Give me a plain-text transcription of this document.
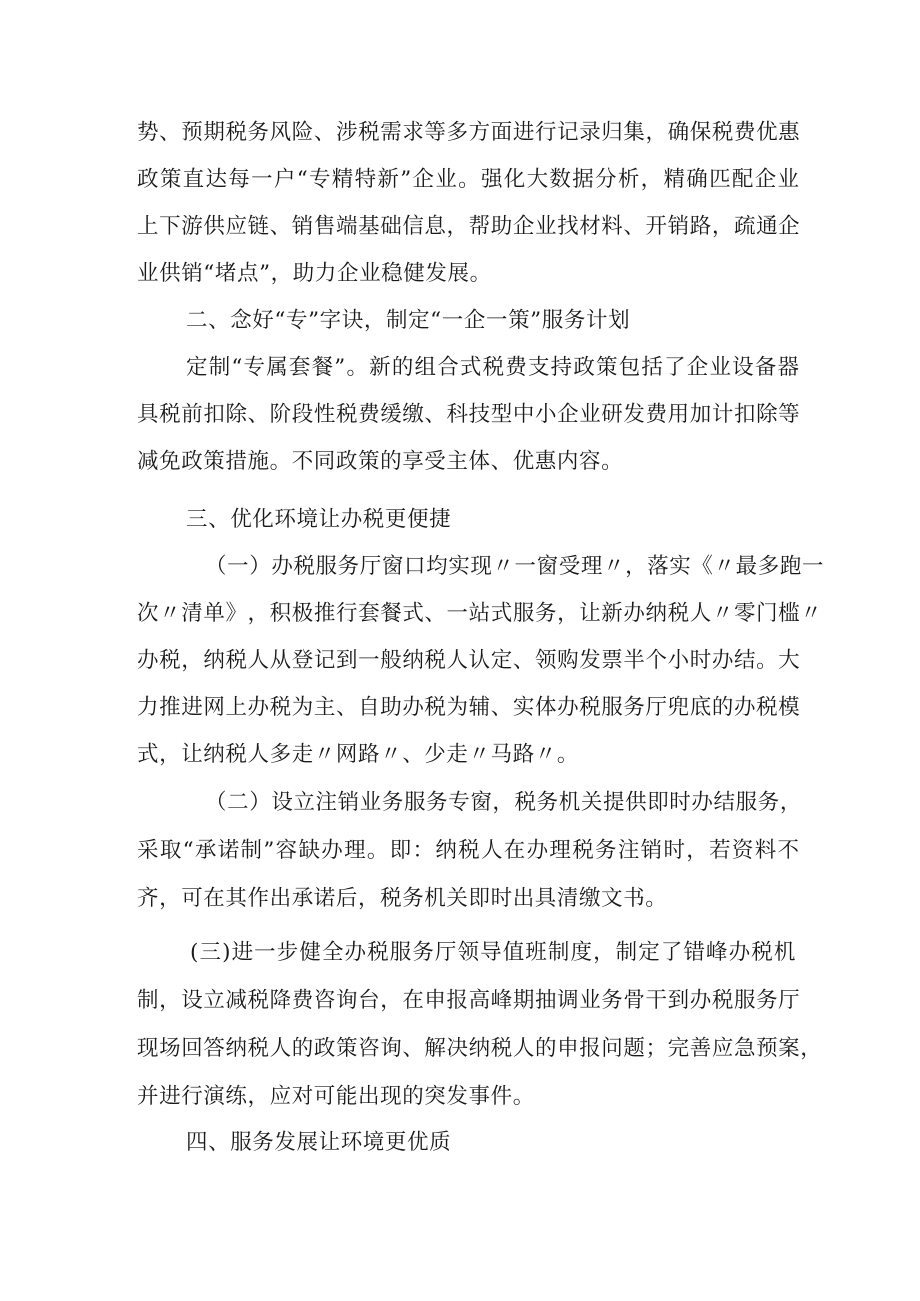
势 、 预 期 税 务 风 险 、 涉 税 需 求 等 多 方 面 进 行 记 录 归 集 ， 确 保 税 费 优 惠
政 策 直 达 每 一 户 “ 专 精 特 新 ” 企 业 。 强 化 大 数 据 分 析 ， 精 确 匹 配 企 业
上 下 游 供 应 链 、 销 售 端 基 础 信 息 ， 帮 助 企 业 找 材 料 、 开 销 路 ， 疏 通 企
业供销“堵点”，助力企业稳健发展。
二、念好“专”字诀，制定“一企一策”服务计划
定 制 “ 专 属 套 餐 ” 。 新 的 组 合 式 税 费 支 持 政 策 包 括 了 企 业 设 备 器
具 税 前 扣 除 、 阶 段 性 税 费 缓 缴 、 科 技 型 中 小 企 业 研 发 费 用 加 计 扣 除 等
减免政策措施。不同政策的享受主体、优惠内容。
三、优化环境让办税更便捷
（ 一 ） 办 税 服 务 厅 窗 口 均 实 现 〃 一 窗 受 理 〃 ， 落 实 《 〃 最 多 跑 一
次 〃 清 单 》 ， 积 极 推 行 套 餐 式 、 一 站 式 服 务 ， 让 新 办 纳 税 人 〃 零 门 槛 〃
办 税 ， 纳 税 人 从 登 记 到 一 般 纳 税 人 认 定 、 领 购 发 票 半 个 小 时 办 结 。 大
力 推 进 网 上 办 税 为 主 、 自 助 办 税 为 辅 、 实 体 办 税 服 务 厅 兜 底 的 办 税 模
式，让纳税人多走〃网路〃、少走〃马路〃。
（ 二 ） 设 立 注 销 业 务 服 务 专 窗 ， 税 务 机 关 提 供 即 时 办 结 服 务 ，
采 取 “ 承 诺 制 ” 容 缺 办 理 。 即 ： 纳 税 人 在 办 理 税 务 注 销 时 ， 若 资 料 不
齐，可在其作出承诺后，税务机关即时出具清缴文书。
( 三 ) 进 一 步 健 全 办 税 服 务 厅 领 导 值 班 制 度 ， 制 定 了 错 峰 办 税 机
制 ， 设 立 减 税 降 费 咨 询 台 ， 在 申 报 高 峰 期 抽 调 业 务 骨 干 到 办 税 服 务 厅
现 场 回 答 纳 税 人 的 政 策 咨 询 、 解 决 纳 税 人 的 申 报 问 题 ； 完 善 应 急 预 案 ，
并进行演练，应对可能出现的突发事件。
四、服务发展让环境更优质
